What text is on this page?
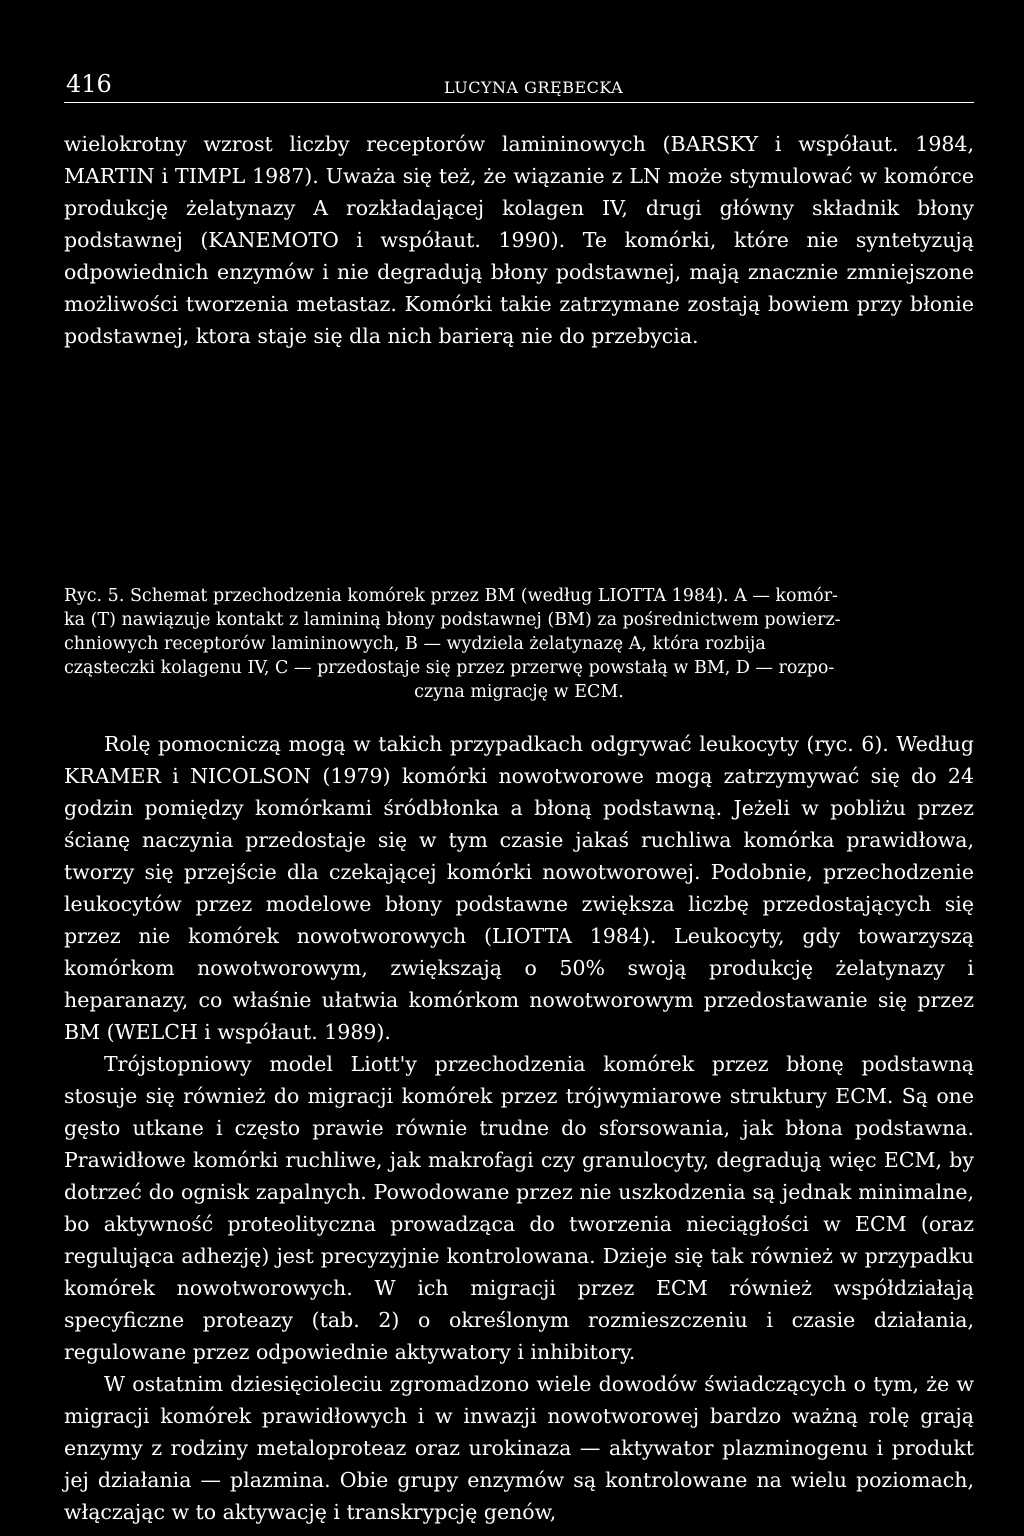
416	LUCYNA GRĘBECKA
wielokrotny wzrost liczby receptorów lamininowych (BARSKY i współaut. 1984, MARTIN i TIMPL 1987). Uważa się też, że wiązanie z LN może stymulować w komórce produkcję żelatynazy A rozkładającej kolagen IV, drugi główny składnik błony podstawnej (KANEMOTO i współaut. 1990). Te komórki, które nie syntetyzują odpowiednich enzymów i nie degradują błony podstawnej, mają znacznie zmniejszone możliwości tworzenia metastaz. Komórki takie zatrzymane zostają bowiem przy błonie podstawnej, ktora staje się dla nich barierą nie do przebycia.
Ryc. 5. Schemat przechodzenia komórek przez BM (według LIOTTA 1984). A — komór-
ka (T) nawiązuje kontakt z lamininą błony podstawnej (BM) za pośrednictwem powierz-
chniowych receptorów lamininowych, B — wydziela żelatynazę A, która rozbija
cząsteczki kolagenu IV, C — przedostaje się przez przerwę powstałą w BM, D — rozpo-
czyna migrację w ECM.

Rolę pomocniczą mogą w takich przypadkach odgrywać leukocyty (ryc. 6). Według KRAMER i NICOLSON (1979) komórki nowotworowe mogą zatrzymywać się do 24 godzin pomiędzy komórkami śródbłonka a błoną podstawną. Jeżeli w pobliżu przez ścianę naczynia przedostaje się w tym czasie jakaś ruchliwa komórka prawidłowa, tworzy się przejście dla czekającej komórki nowotworowej. Podobnie, przechodzenie leukocytów przez modelowe błony podstawne zwiększa liczbę przedostających się przez nie komórek nowotworowych (LIOTTA 1984). Leukocyty, gdy towarzyszą komórkom nowotworowym, zwiększają o 50% swoją produkcję żelatynazy i heparanazy, co właśnie ułatwia komórkom nowotworowym przedostawanie się przez BM (WELCH i współaut. 1989).

Trójstopniowy model Liott'y przechodzenia komórek przez błonę podstawną stosuje się również do migracji komórek przez trójwymiarowe struktury ECM. Są one gęsto utkane i często prawie równie trudne do sforsowania, jak błona podstawna. Prawidłowe komórki ruchliwe, jak makrofagi czy granulocyty, degradują więc ECM, by dotrzeć do ognisk zapalnych. Powodowane przez nie uszkodzenia są jednak minimalne, bo aktywność proteolityczna prowadząca do tworzenia nieciągłości w ECM (oraz regulująca adhezję) jest precyzyjnie kontrolowana. Dzieje się tak również w przypadku komórek nowotworowych. W ich migracji przez ECM również współdziałają specyficzne proteazy (tab. 2) o określonym rozmieszczeniu i czasie działania, regulowane przez odpowiednie aktywatory i inhibitory.

W ostatnim dziesięcioleciu zgromadzono wiele dowodów świadczących o tym, że w migracji komórek prawidłowych i w inwazji nowotworowej bardzo ważną rolę grają enzymy z rodziny metaloproteaz oraz urokinaza — aktywator plazminogenu i produkt jej działania — plazmina. Obie grupy enzymów są kontrolowane na wielu poziomach, włączając w to aktywację i transkrypcję genów,
